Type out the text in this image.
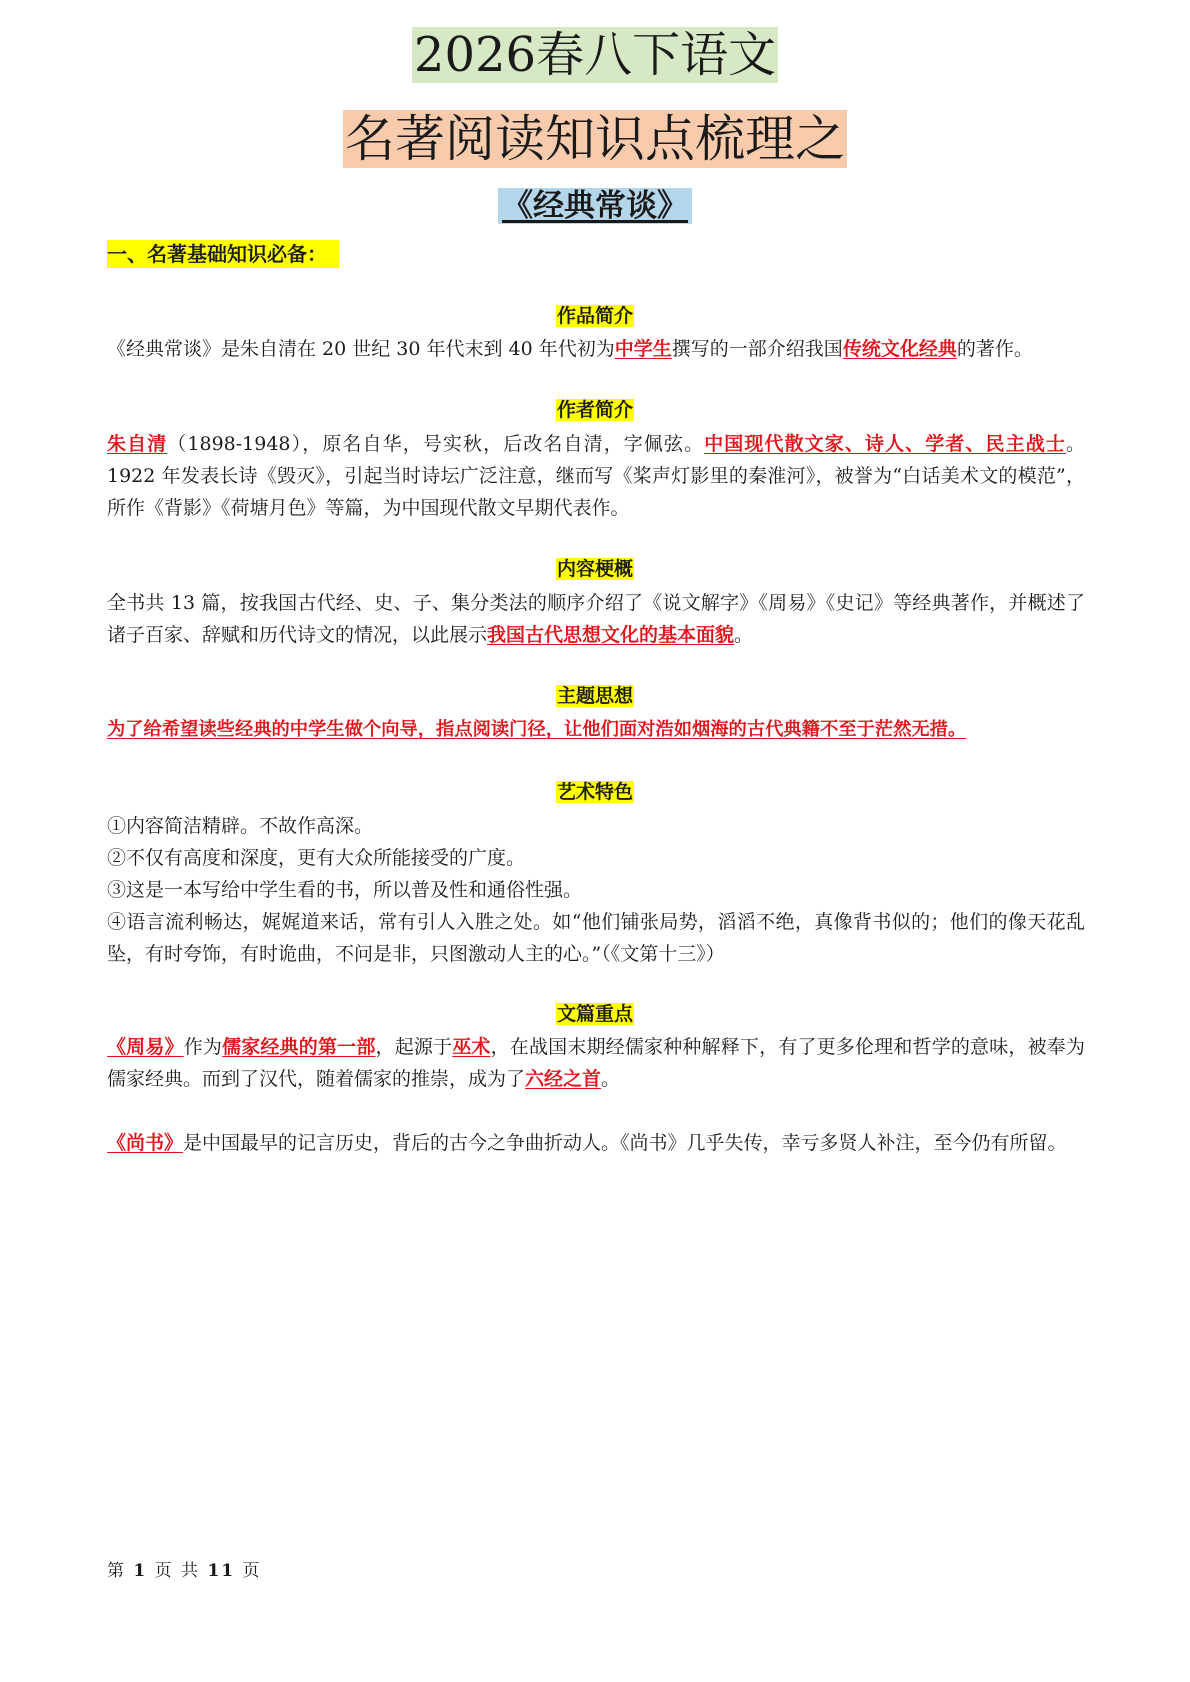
2026春八下语文
名著阅读知识点梳理之
《经典常谈》
一、名著基础知识必备：
作品简介
《经典常谈》是朱自清在 20 世纪 30 年代末到 40 年代初为中学生撰写的一部介绍我国传统文化经典的著作。
作者简介
朱自清（1898-1948），原名自华，号实秋，后改名自清，字佩弦。中国现代散文家、诗人、学者、民主战士。1922 年发表长诗《毁灭》，引起当时诗坛广泛注意，继而写《桨声灯影里的秦淮河》，被誉为“白话美术文的模范”，所作《背影》《荷塘月色》等篇，为中国现代散文早期代表作。
内容梗概
全书共 13 篇，按我国古代经、史、子、集分类法的顺序介绍了《说文解字》《周易》《史记》等经典著作，并概述了诸子百家、辞赋和历代诗文的情况，以此展示我国古代思想文化的基本面貌。
主题思想
为了给希望读些经典的中学生做个向导，指点阅读门径，让他们面对浩如烟海的古代典籍不至于茫然无措。
艺术特色
①内容简洁精辟。不故作高深。
②不仅有高度和深度，更有大众所能接受的广度。
③这是一本写给中学生看的书，所以普及性和通俗性强。
④语言流利畅达，娓娓道来话，常有引人入胜之处。如“他们铺张局势，滔滔不绝，真像背书似的；他们的像天花乱坠，有时夸饰，有时诡曲，不问是非，只图激动人主的心。”（《文第十三》）
文篇重点
《周易》作为儒家经典的第一部，起源于巫术，在战国末期经儒家种种解释下，有了更多伦理和哲学的意味，被奉为儒家经典。而到了汉代，随着儒家的推崇，成为了六经之首。
《尚书》是中国最早的记言历史，背后的古今之争曲折动人。《尚书》几乎失传，幸亏多贤人补注，至今仍有所留。
第 1 页 共 11 页
